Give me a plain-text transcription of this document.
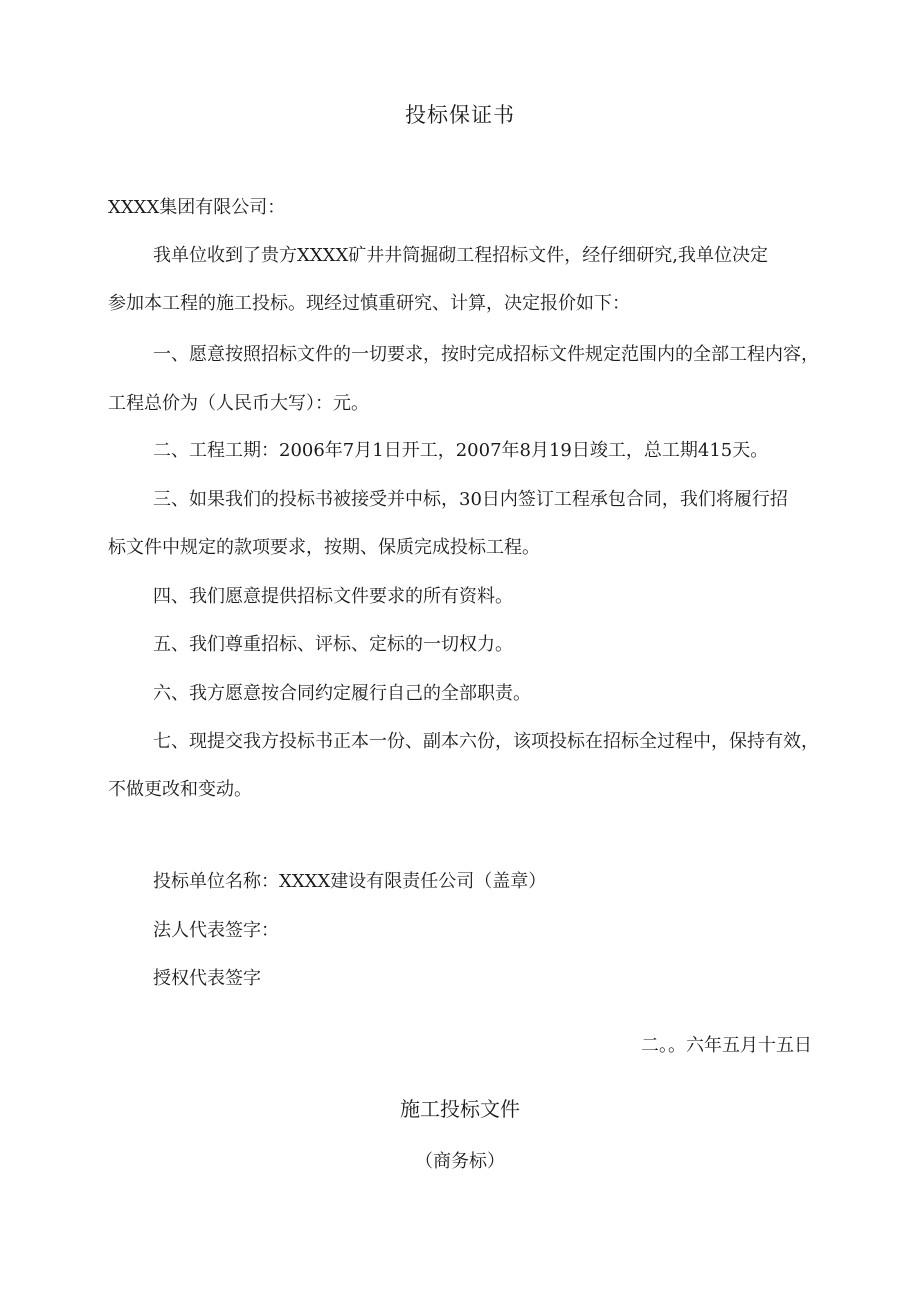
投标保证书
XXXX集团有限公司：
我单位收到了贵方XXXX矿井井筒掘砌工程招标文件，经仔细研究,我单位决定
参加本工程的施工投标。现经过慎重研究、计算，决定报价如下：
一、愿意按照招标文件的一切要求，按时完成招标文件规定范围内的全部工程内容，
工程总价为（人民币大写）：元。
二、工程工期：2006年7月1日开工，2007年8月19日竣工，总工期415天。
三、如果我们的投标书被接受并中标，30日内签订工程承包合同，我们将履行招
标文件中规定的款项要求，按期、保质完成投标工程。
四、我们愿意提供招标文件要求的所有资料。
五、我们尊重招标、评标、定标的一切权力。
六、我方愿意按合同约定履行自己的全部职责。
七、现提交我方投标书正本一份、副本六份，该项投标在招标全过程中，保持有效，
不做更改和变动。
投标单位名称：XXXX建设有限责任公司（盖章）
法人代表签字：
授权代表签字
二。。六年五月十五日
施工投标文件
（商务标）
